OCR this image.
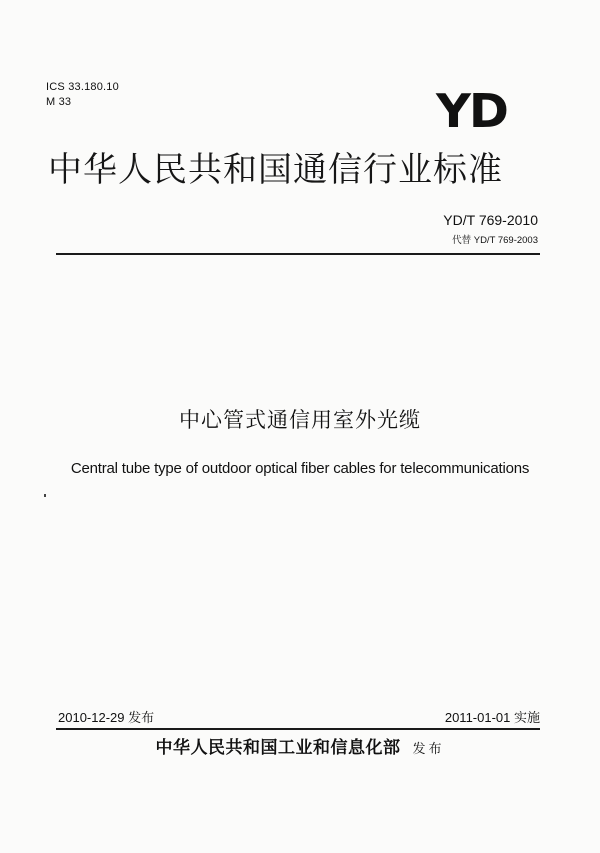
ICS 33.180.10
M 33	YD
中华人民共和国通信行业标准
YD/T 769-2010
代替 YD/T 769-2003
中心管式通信用室外光缆
Central tube type of outdoor optical fiber cables for telecommunications
2010-12-29 发布	2011-01-01 实施
中华人民共和国工业和信息化部 发布
